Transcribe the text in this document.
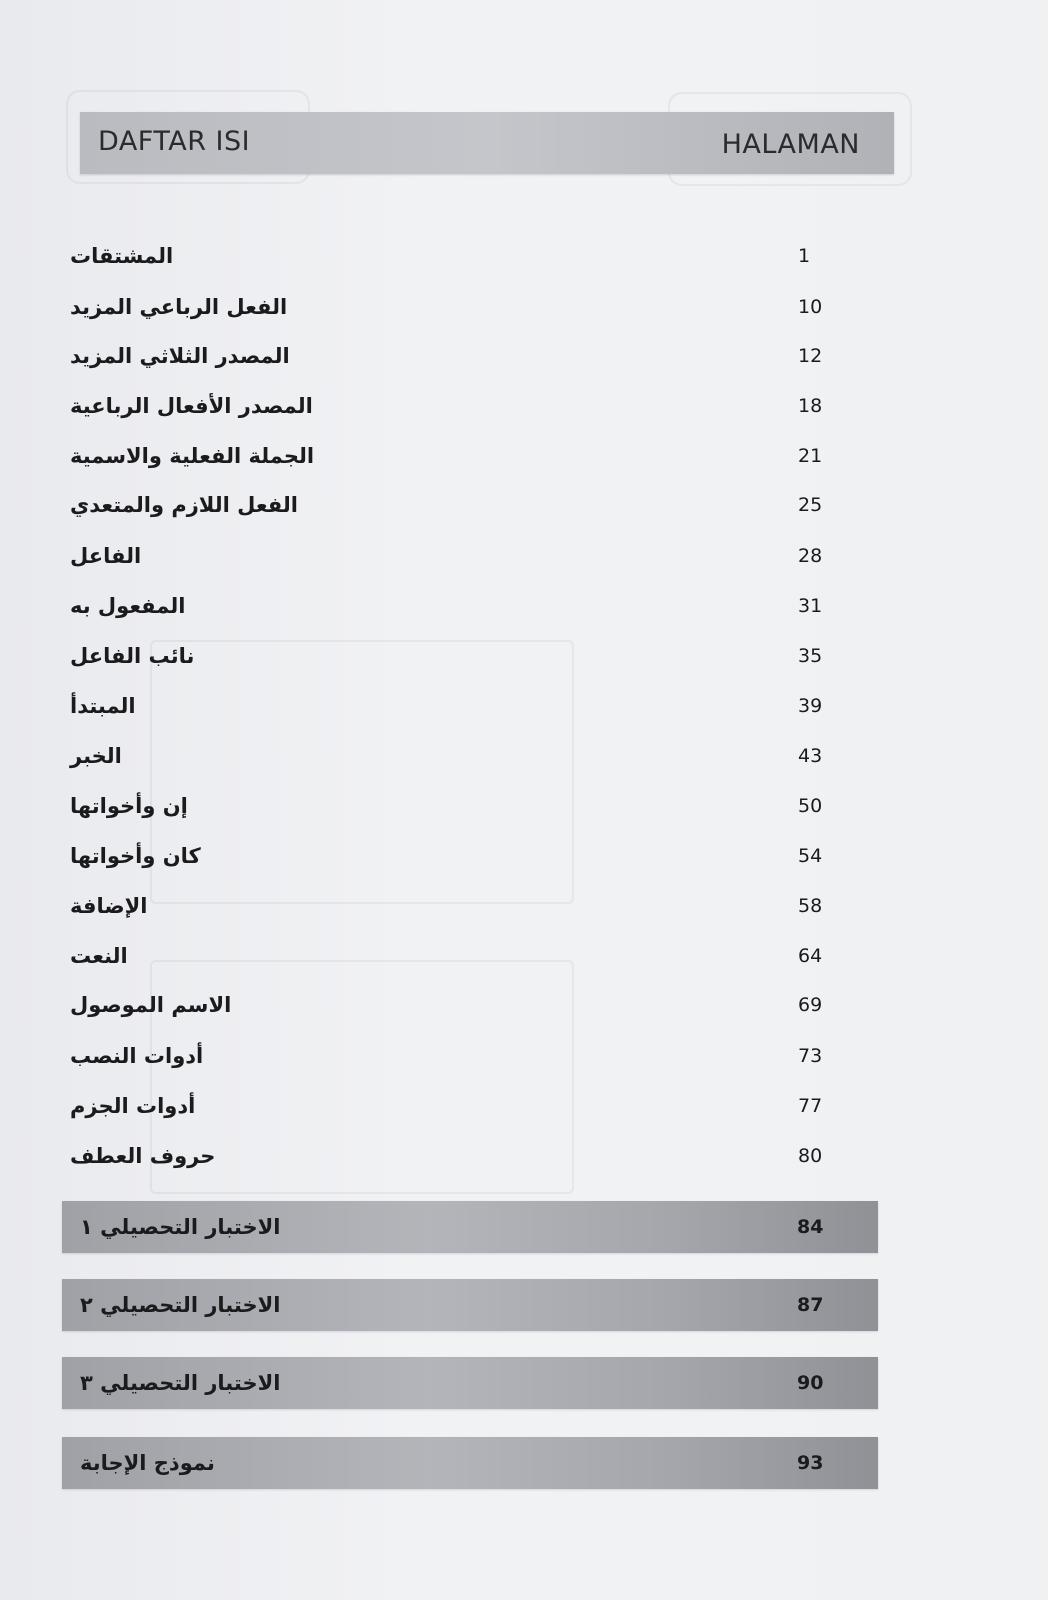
DAFTAR ISI	HALAMAN
المشتقات	1
الفعل الرباعي المزيد	10
المصدر الثلاثي المزيد	12
المصدر الأفعال الرباعية	18
الجملة الفعلية والاسمية	21
الفعل اللازم والمتعدي	25
الفاعل	28
المفعول به	31
نائب الفاعل	35
المبتدأ	39
الخبر	43
إن وأخواتها	50
كان وأخواتها	54
الإضافة	58
النعت	64
الاسم الموصول	69
أدوات النصب	73
أدوات الجزم	77
حروف العطف	80
الاختبار التحصيلي ١	84
الاختبار التحصيلي ٢	87
الاختبار التحصيلي ٣	90
نموذج الإجابة	93
